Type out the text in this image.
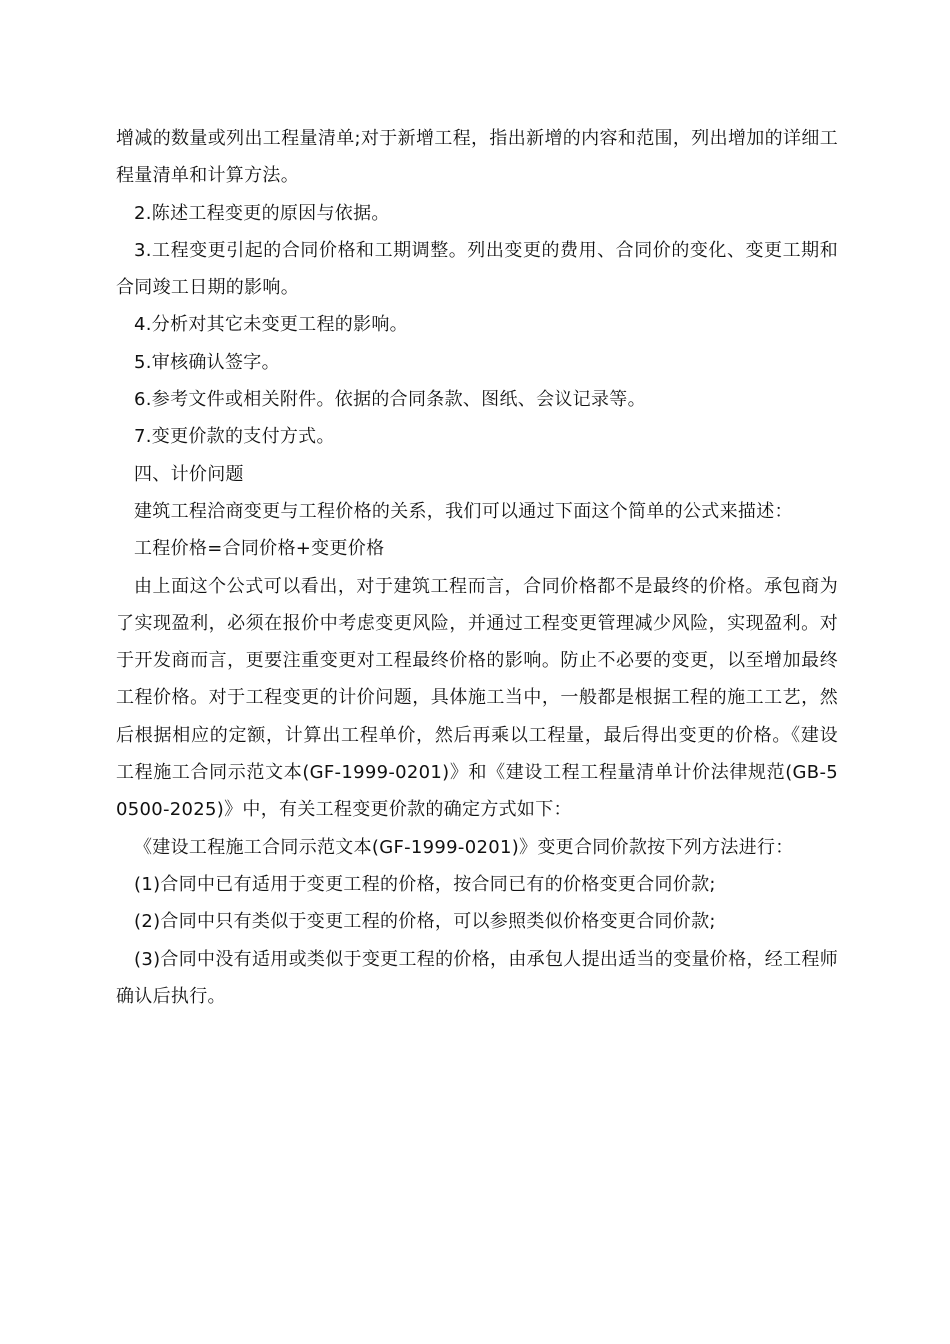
增减的数量或列出工程量清单;对于新增工程，指出新增的内容和范围，列出增加的详细工程量清单和计算方法。

2.陈述工程变更的原因与依据。

3.工程变更引起的合同价格和工期调整。列出变更的费用、合同价的变化、变更工期和合同竣工日期的影响。

4.分析对其它未变更工程的影响。

5.审核确认签字。

6.参考文件或相关附件。依据的合同条款、图纸、会议记录等。

7.变更价款的支付方式。

四、计价问题

建筑工程洽商变更与工程价格的关系，我们可以通过下面这个简单的公式来描述：

工程价格=合同价格+变更价格

由上面这个公式可以看出，对于建筑工程而言，合同价格都不是最终的价格。承包商为了实现盈利，必须在报价中考虑变更风险，并通过工程变更管理减少风险，实现盈利。对于开发商而言，更要注重变更对工程最终价格的影响。防止不必要的变更，以至增加最终工程价格。对于工程变更的计价问题，具体施工当中，一般都是根据工程的施工工艺，然后根据相应的定额，计算出工程单价，然后再乘以工程量，最后得出变更的价格。《建设工程施工合同示范文本(GF-1999-0201)》和《建设工程工程量清单计价法律规范(GB-50500-2025)》中，有关工程变更价款的确定方式如下：

《建设工程施工合同示范文本(GF-1999-0201)》变更合同价款按下列方法进行：

(1)合同中已有适用于变更工程的价格，按合同已有的价格变更合同价款;

(2)合同中只有类似于变更工程的价格，可以参照类似价格变更合同价款;

(3)合同中没有适用或类似于变更工程的价格，由承包人提出适当的变量价格，经工程师确认后执行。
